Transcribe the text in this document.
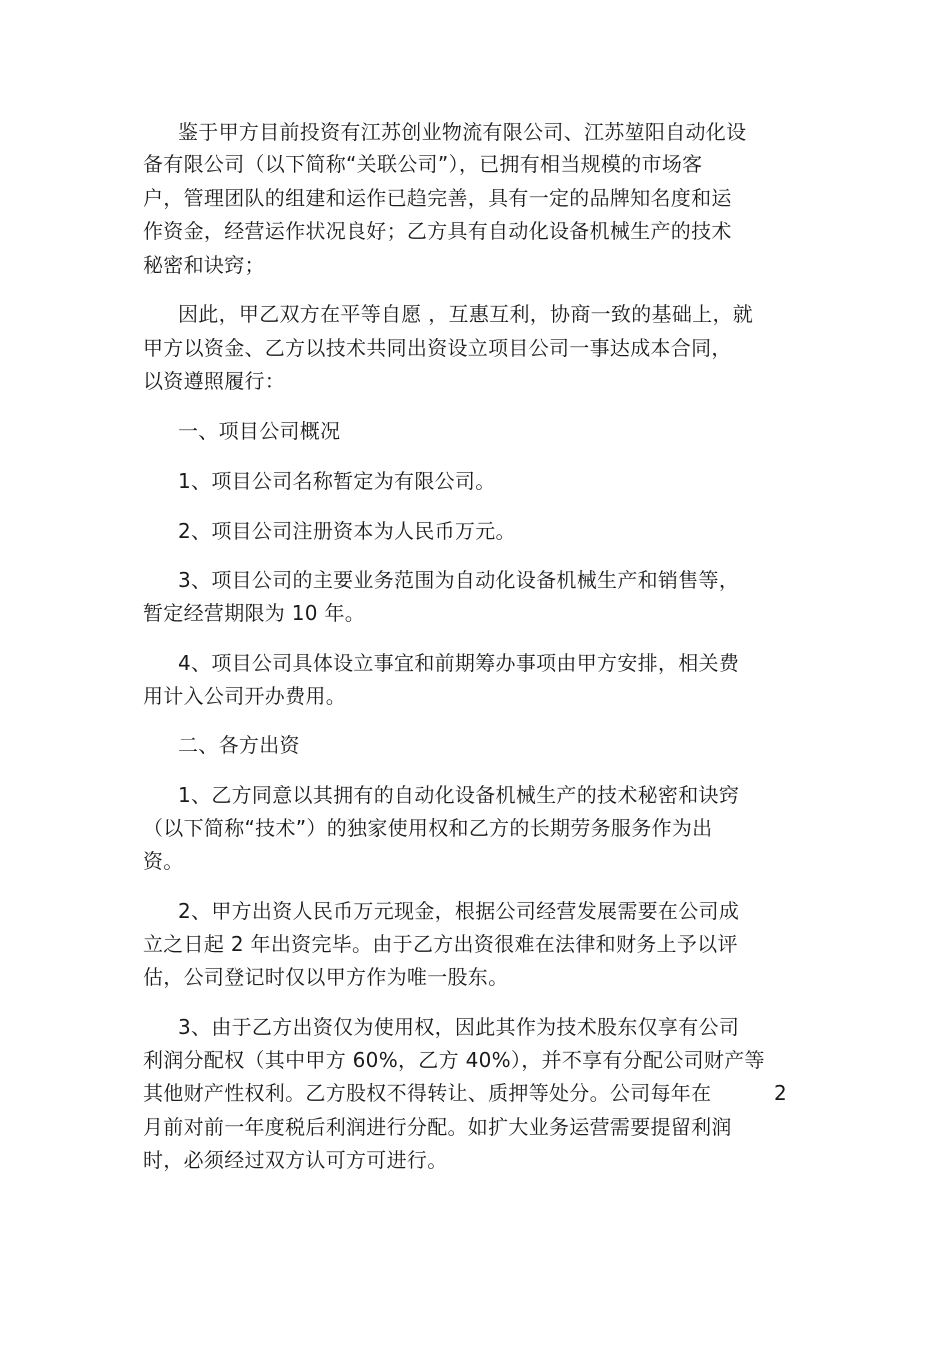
鉴于甲方目前投资有江苏创业物流有限公司、江苏堃阳自动化设
备有限公司（以下简称“关联公司”），已拥有相当规模的市场客
户，管理团队的组建和运作已趋完善，具有一定的品牌知名度和运
作资金，经营运作状况良好；乙方具有自动化设备机械生产的技术
秘密和诀窍；
因此，甲乙双方在平等自愿 ，互惠互利，协商一致的基础上，就
甲方以资金、乙方以技术共同出资设立项目公司一事达成本合同，
以资遵照履行：
一、项目公司概况
1、项目公司名称暂定为有限公司。
2、项目公司注册资本为人民币万元。
3、项目公司的主要业务范围为自动化设备机械生产和销售等，
暂定经营期限为 10 年。
4、项目公司具体设立事宜和前期筹办事项由甲方安排，相关费
用计入公司开办费用。
二、各方出资
1、乙方同意以其拥有的自动化设备机械生产的技术秘密和诀窍
（以下简称“技术”）的独家使用权和乙方的长期劳务服务作为出
资。
2、甲方出资人民币万元现金，根据公司经营发展需要在公司成
立之日起 2 年出资完毕。由于乙方出资很难在法律和财务上予以评
估，公司登记时仅以甲方作为唯一股东。
3、由于乙方出资仅为使用权，因此其作为技术股东仅享有公司
利润分配权（其中甲方 60%，乙方 40%），并不享有分配公司财产等
其他财产性权利。乙方股权不得转让、质押等处分。公司每年在	2
月前对前一年度税后利润进行分配。如扩大业务运营需要提留利润
时，必须经过双方认可方可进行。
